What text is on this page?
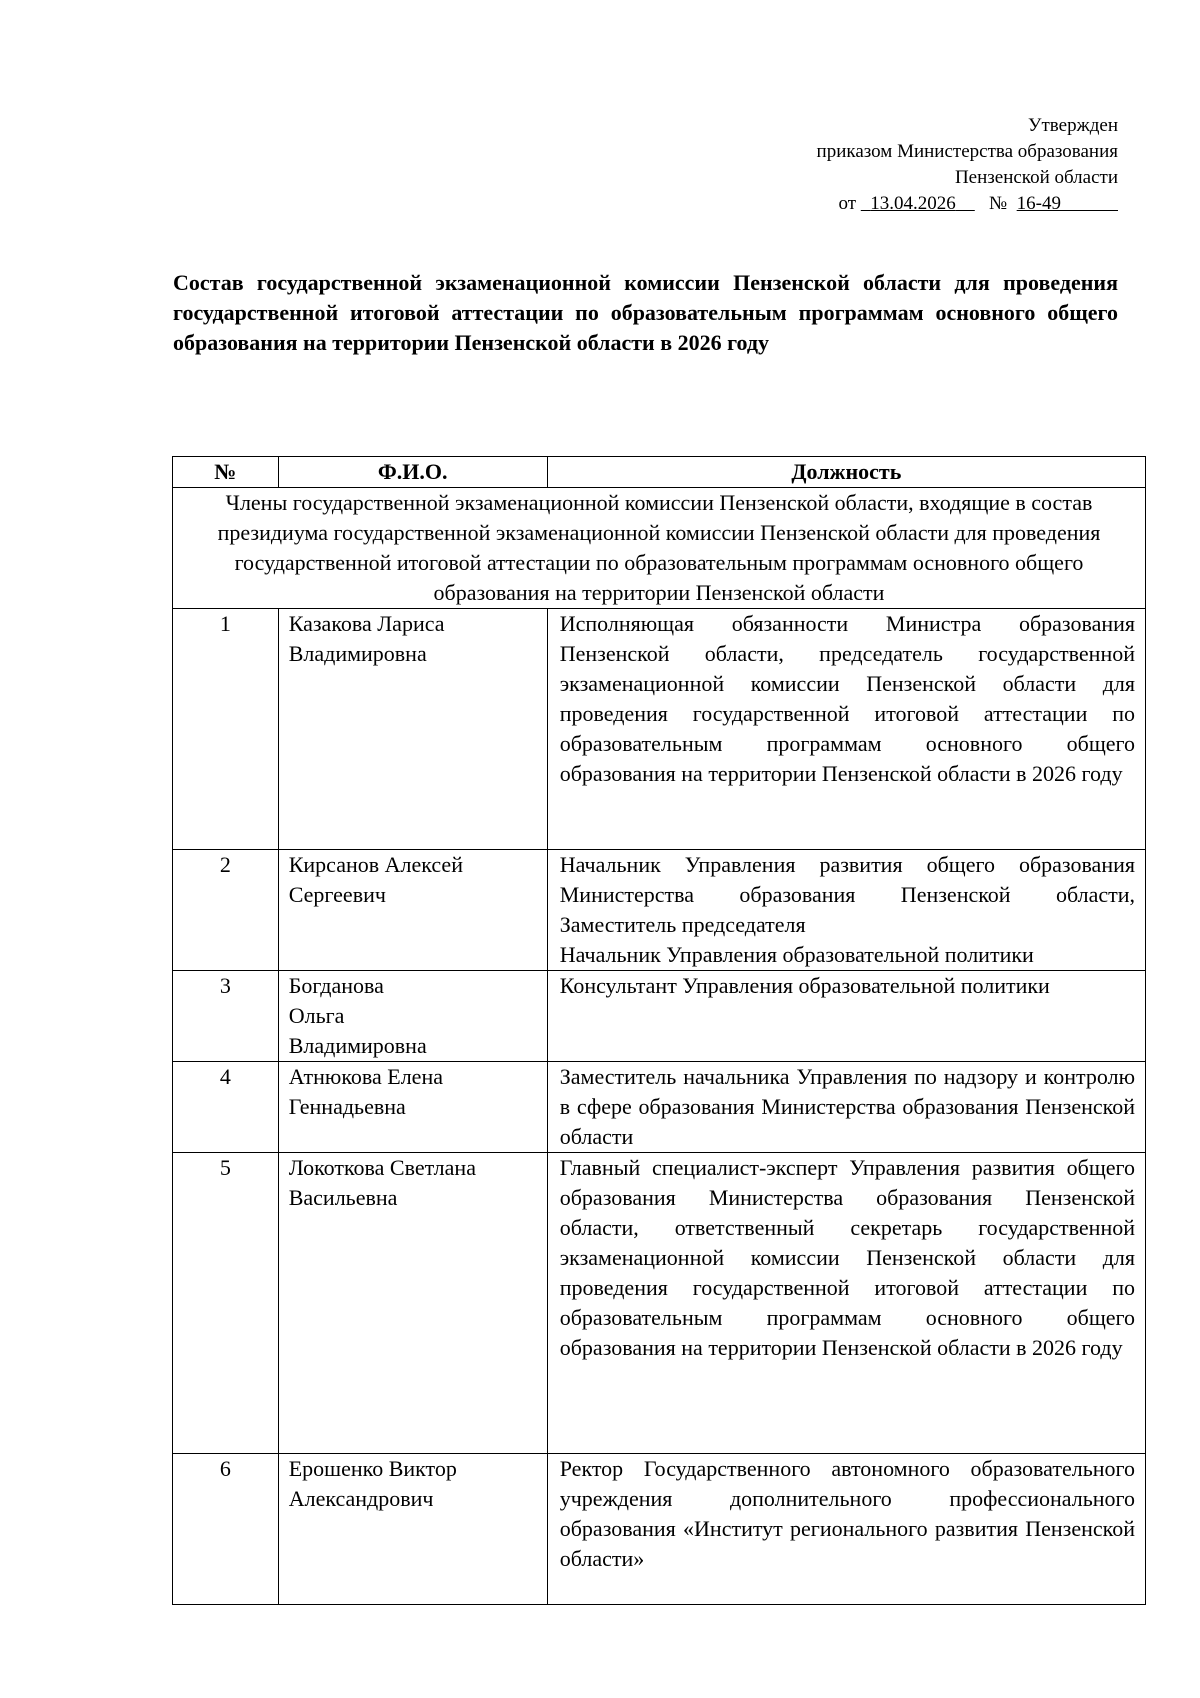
Утвержден
приказом Министерства образования
Пензенской области
от 13.04.2026 № 16-49
Состав государственной экзаменационной комиссии Пензенской области для проведения государственной итоговой аттестации по образовательным программам основного общего образования на территории Пензенской области в 2026 году
№	Ф.И.О.	Должность
Члены государственной экзаменационной комиссии Пензенской области, входящие в состав президиума государственной экзаменационной комиссии Пензенской области для проведения государственной итоговой аттестации по образовательным программам основного общего образования на территории Пензенской области		
1	Казакова Лариса Владимировна	Исполняющая обязанности Министра образования Пензенской области, председатель государственной экзаменационной комиссии Пензенской области для проведения государственной итоговой аттестации по образовательным программам основного общего образования на территории Пензенской области в 2026 году
2	Кирсанов Алексей Сергеевич	Начальник Управления развития общего образования Министерства образования Пензенской области, Заместитель председателя
Начальник Управления образовательной политики

3	Богданова Ольга Владимировна	Консультант Управления образовательной политики
4	Атнюкова Елена Геннадьевна	Заместитель начальника Управления по надзору и контролю в сфере образования Министерства образования Пензенской области
5	Локоткова Светлана Васильевна	Главный специалист-эксперт Управления развития общего образования Министерства образования Пензенской области, ответственный секретарь государственной экзаменационной комиссии Пензенской области для проведения государственной итоговой аттестации по образовательным программам основного общего образования на территории Пензенской области в 2026 году
6	Ерошенко Виктор Александрович	Ректор Государственного автономного образовательного учреждения дополнительного профессионального образования «Институт регионального развития Пензенской области»
